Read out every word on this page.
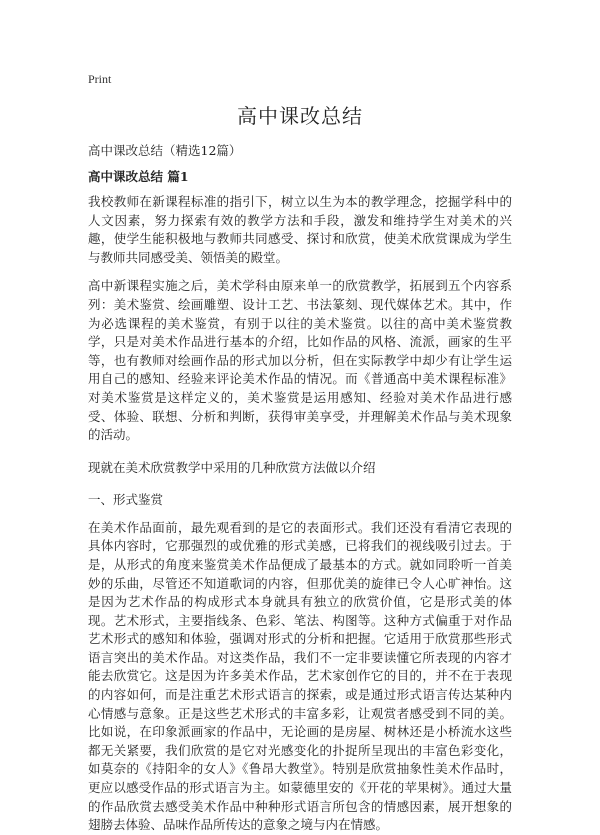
Print
高中课改总结
高中课改总结（精选12篇）
高中课改总结 篇1

我校教师在新课程标准的指引下，树立以生为本的教学理念，挖掘学科中的人文因素，努力探索有效的教学方法和手段，激发和维持学生对美术的兴趣，使学生能积极地与教师共同感受、探讨和欣赏，使美术欣赏课成为学生与教师共同感受美、领悟美的殿堂。

高中新课程实施之后，美术学科由原来单一的欣赏教学，拓展到五个内容系列：美术鉴赏、绘画雕塑、设计工艺、书法篆刻、现代媒体艺术。其中，作为必选课程的美术鉴赏，有别于以往的美术鉴赏。以往的高中美术鉴赏教学，只是对美术作品进行基本的介绍，比如作品的风格、流派，画家的生平等，也有教师对绘画作品的形式加以分析，但在实际教学中却少有让学生运用自己的感知、经验来评论美术作品的情况。而《普通高中美术课程标准》对美术鉴赏是这样定义的，美术鉴赏是运用感知、经验对美术作品进行感受、体验、联想、分析和判断，获得审美享受，并理解美术作品与美术现象的活动。

现就在美术欣赏教学中采用的几种欣赏方法做以介绍

一、形式鉴赏

在美术作品面前，最先观看到的是它的表面形式。我们还没有看清它表现的具体内容时，它那强烈的或优雅的形式美感，已将我们的视线吸引过去。于是，从形式的角度来鉴赏美术作品便成了最基本的方式。就如同聆听一首美妙的乐曲，尽管还不知道歌词的内容，但那优美的旋律已令人心旷神怡。这是因为艺术作品的构成形式本身就具有独立的欣赏价值，它是形式美的体现。艺术形式，主要指线条、色彩、笔法、构图等。这种方式偏重于对作品艺术形式的感知和体验，强调对形式的分析和把握。它适用于欣赏那些形式语言突出的美术作品。对这类作品，我们不一定非要读懂它所表现的内容才能去欣赏它。这是因为许多美术作品，艺术家创作它的目的，并不在于表现的内容如何，而是注重艺术形式语言的探索，或是通过形式语言传达某种内心情感与意象。正是这些艺术形式的丰富多彩，让观赏者感受到不同的美。比如说，在印象派画家的作品中，无论画的是房屋、树林还是小桥流水这些都无关紧要，我们欣赏的是它对光感变化的扑捉所呈现出的丰富色彩变化，如莫奈的《持阳伞的女人》《鲁昂大教堂》。特别是欣赏抽象性美术作品时，更应以感受作品的形式语言为主。如蒙德里安的《开花的苹果树》。通过大量的作品欣赏去感受美术作品中种种形式语言所包含的情感因素，展开想象的翅膀去体验、品味作品所传达的意象之境与内在情感。
